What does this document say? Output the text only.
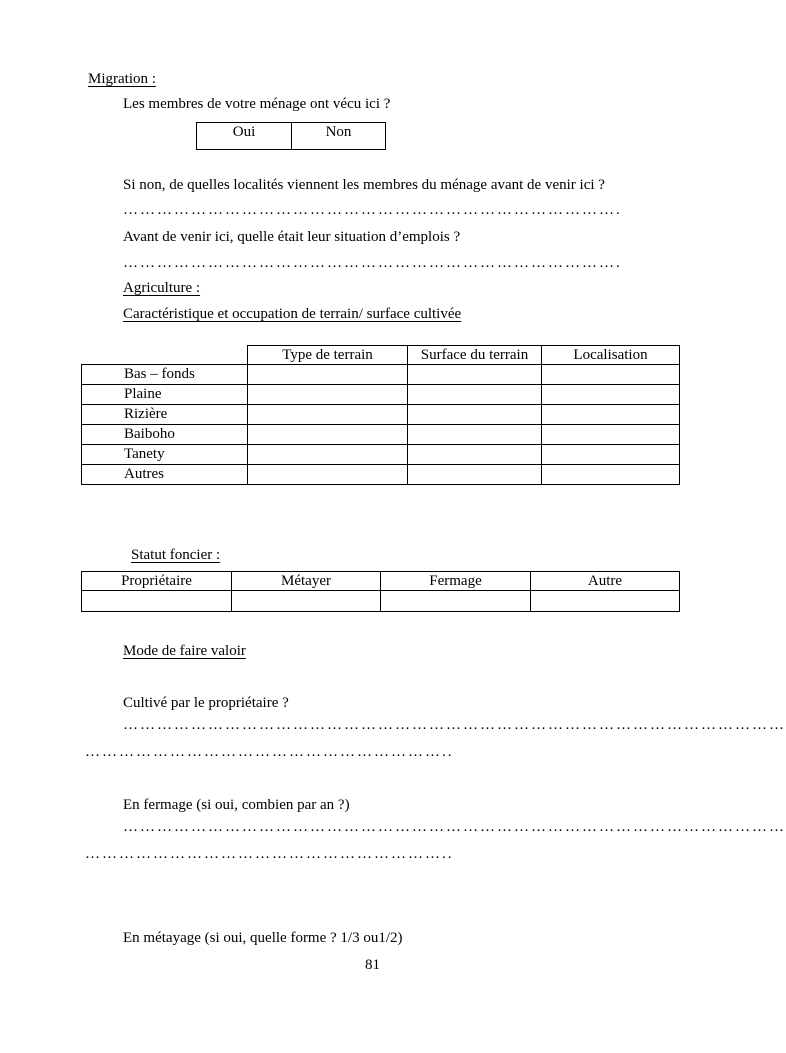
Migration :
Les membres de votre ménage ont vécu ici ?
Oui	Non
Si non, de quelles localités viennent les membres du ménage avant de venir ici ?
…………………………………………………………………………….
Avant de venir ici, quelle était leur situation d’emplois ?
…………………………………………………………………………….
Agriculture :
Caractéristique et occupation de terrain/ surface cultivée
	Type de terrain	Surface du terrain	Localisation
Bas – fonds			
Plaine			
Rizière			
Baiboho			
Tanety			
Autres			
Statut foncier :
Propriétaire	Métayer	Fermage	Autre

Mode de faire valoir
Cultivé par le propriétaire ?
………………………………………………………………………………………………………
………………………………………………………..
En fermage (si oui, combien par an ?)
………………………………………………………………………………………………………
………………………………………………………..
En métayage (si oui, quelle forme ? 1/3 ou1/2)
81
